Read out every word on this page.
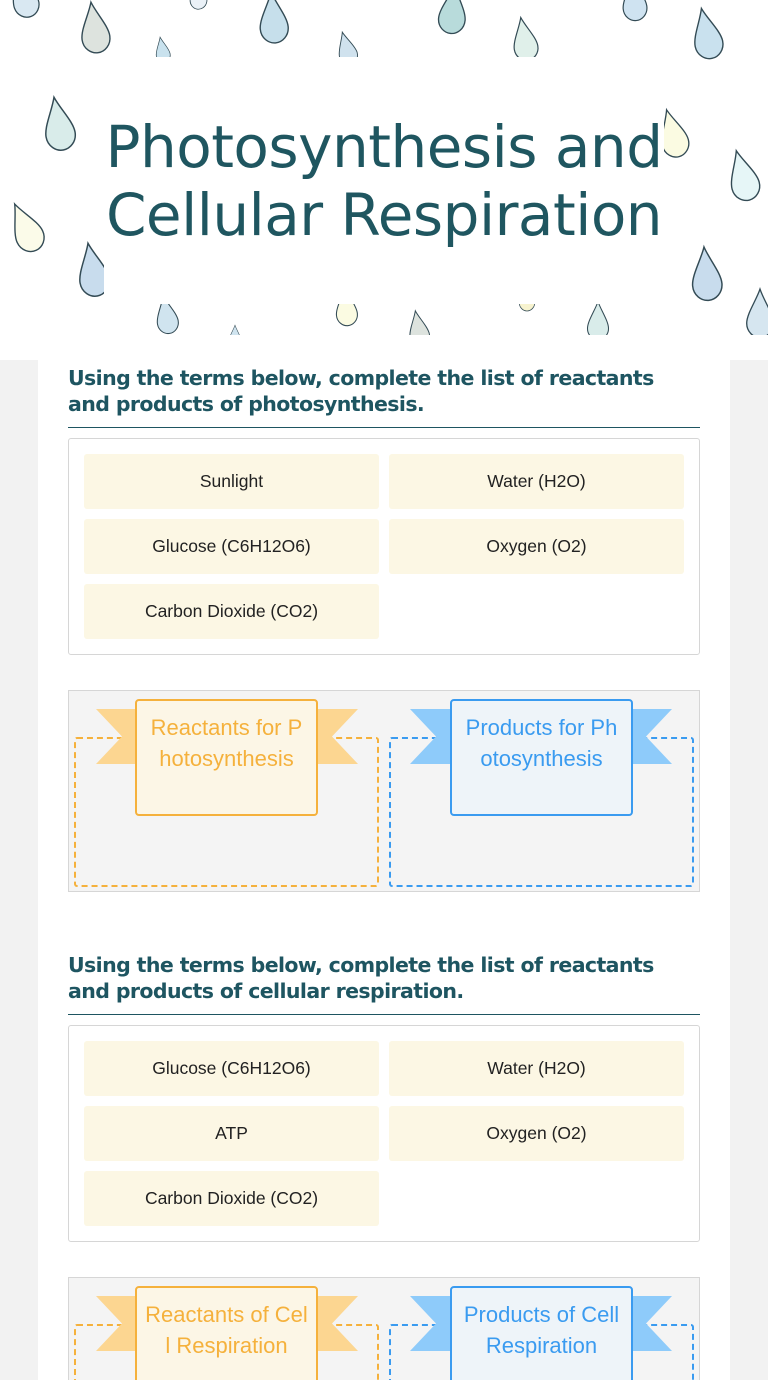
Photosynthesis and Cellular Respiration
Using the terms below, complete the list of reactants and products of photosynthesis.
Sunlight	Water (H2O)
Glucose (C6H12O6)	Oxygen (O2)
Carbon Dioxide (CO2)
Reactants for Photosynthesis
Products for Photosynthesis
Using the terms below, complete the list of reactants and products of cellular respiration.
Glucose (C6H12O6)	Water (H2O)
ATP	Oxygen (O2)
Carbon Dioxide (CO2)
Reactants of Cell Respiration
Products of Cell Respiration
